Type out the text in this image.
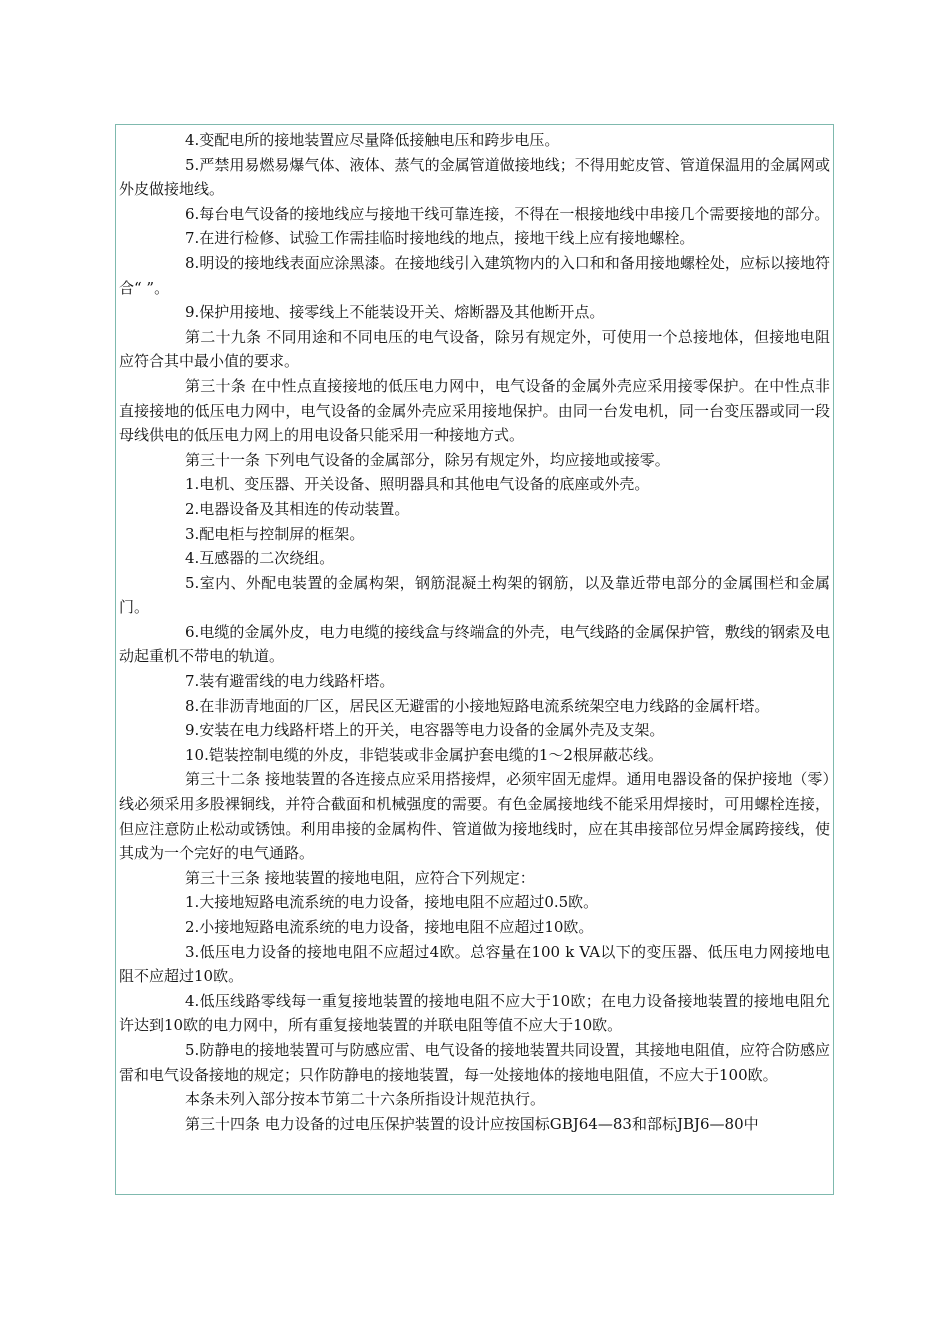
4.变配电所的接地装置应尽量降低接触电压和跨步电压。

5.严禁用易燃易爆气体、液体、蒸气的金属管道做接地线；不得用蛇皮管、管道保温用的金属网或外皮做接地线。

6.每台电气设备的接地线应与接地干线可靠连接，不得在一根接地线中串接几个需要接地的部分。

7.在进行检修、试验工作需挂临时接地线的地点，接地干线上应有接地螺栓。

8.明设的接地线表面应涂黑漆。在接地线引入建筑物内的入口和和备用接地螺栓处，应标以接地符合“ ”。

9.保护用接地、接零线上不能装设开关、熔断器及其他断开点。

第二十九条 不同用途和不同电压的电气设备，除另有规定外，可使用一个总接地体，但接地电阻应符合其中最小值的要求。

第三十条 在中性点直接接地的低压电力网中，电气设备的金属外壳应采用接零保护。在中性点非直接接地的低压电力网中，电气设备的金属外壳应采用接地保护。由同一台发电机，同一台变压器或同一段母线供电的低压电力网上的用电设备只能采用一种接地方式。

第三十一条 下列电气设备的金属部分，除另有规定外，均应接地或接零。

1.电机、变压器、开关设备、照明器具和其他电气设备的底座或外壳。

2.电器设备及其相连的传动装置。

3.配电柜与控制屏的框架。

4.互感器的二次绕组。

5.室内、外配电装置的金属构架，钢筋混凝土构架的钢筋，以及靠近带电部分的金属围栏和金属门。

6.电缆的金属外皮，电力电缆的接线盒与终端盒的外壳，电气线路的金属保护管，敷线的钢索及电动起重机不带电的轨道。

7.装有避雷线的电力线路杆塔。

8.在非沥青地面的厂区，居民区无避雷的小接地短路电流系统架空电力线路的金属杆塔。

9.安装在电力线路杆塔上的开关，电容器等电力设备的金属外壳及支架。

10.铠装控制电缆的外皮，非铠装或非金属护套电缆的1～2根屏蔽芯线。

第三十二条 接地装置的各连接点应采用搭接焊，必须牢固无虚焊。通用电器设备的保护接地（零）线必须采用多股裸铜线，并符合截面和机械强度的需要。有色金属接地线不能采用焊接时，可用螺栓连接，但应注意防止松动或锈蚀。利用串接的金属构件、管道做为接地线时，应在其串接部位另焊金属跨接线，使其成为一个完好的电气通路。

第三十三条 接地装置的接地电阻，应符合下列规定：

1.大接地短路电流系统的电力设备，接地电阻不应超过0.5欧。

2.小接地短路电流系统的电力设备，接地电阻不应超过10欧。

3.低压电力设备的接地电阻不应超过4欧。总容量在100 k VA以下的变压器、低压电力网接地电阻不应超过10欧。

4.低压线路零线每一重复接地装置的接地电阻不应大于10欧；在电力设备接地装置的接地电阻允许达到10欧的电力网中，所有重复接地装置的并联电阻等值不应大于10欧。

5.防静电的接地装置可与防感应雷、电气设备的接地装置共同设置，其接地电阻值，应符合防感应雷和电气设备接地的规定；只作防静电的接地装置，每一处接地体的接地电阻值，不应大于100欧。

本条未列入部分按本节第二十六条所指设计规范执行。

第三十四条 电力设备的过电压保护装置的设计应按国标GBJ64—83和部标JBJ6—80中
